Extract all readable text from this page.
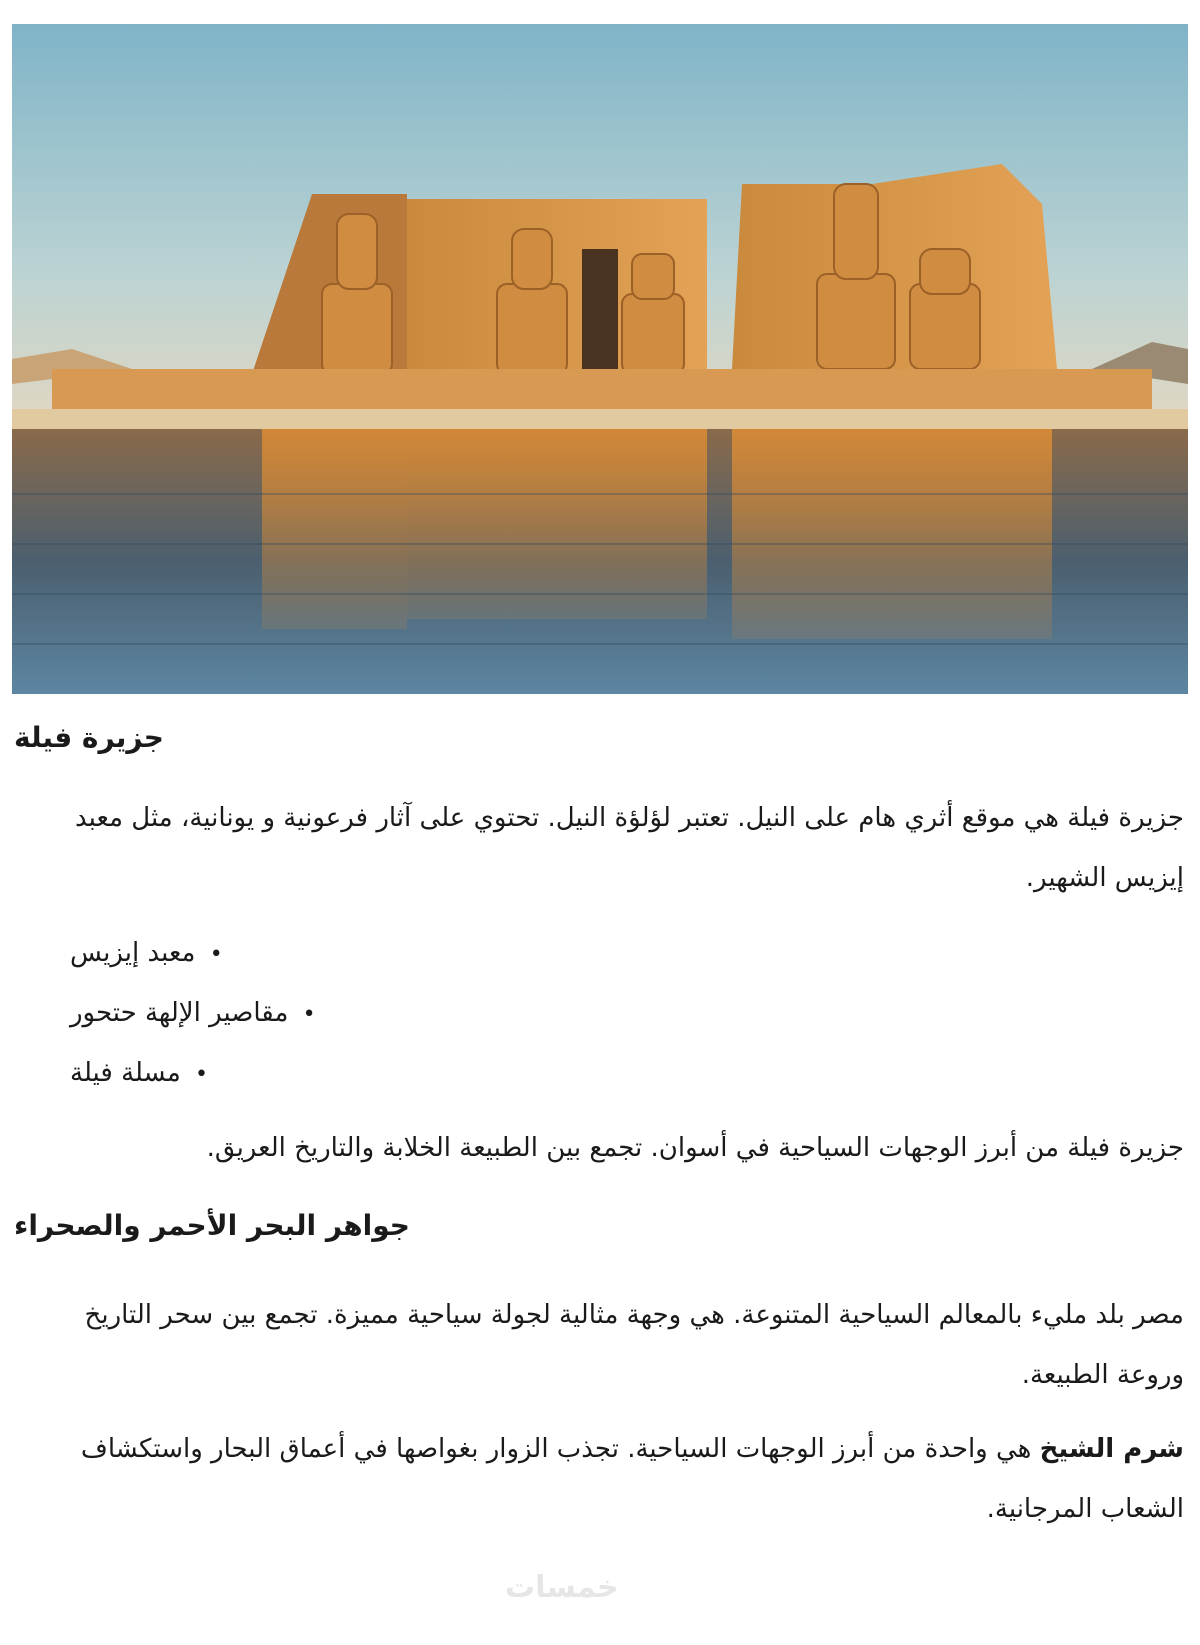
جزيرة فيلة

جزيرة فيلة هي موقع أثري هام على النيل. تعتبر لؤلؤة النيل. تحتوي على آثار فرعونية و يونانية، مثل معبد إيزيس الشهير.

معبد إيزيس •
مقاصير الإلهة حتحور •
مسلة فيلة •

جزيرة فيلة من أبرز الوجهات السياحية في أسوان. تجمع بين الطبيعة الخلابة والتاريخ العريق.

جواهر البحر الأحمر والصحراء

مصر بلد مليء بالمعالم السياحية المتنوعة. هي وجهة مثالية لجولة سياحية مميزة. تجمع بين سحر التاريخ وروعة الطبيعة.

شرم الشيخ هي واحدة من أبرز الوجهات السياحية. تجذب الزوار بغواصها في أعماق البحار واستكشاف الشعاب المرجانية.

خمسات
